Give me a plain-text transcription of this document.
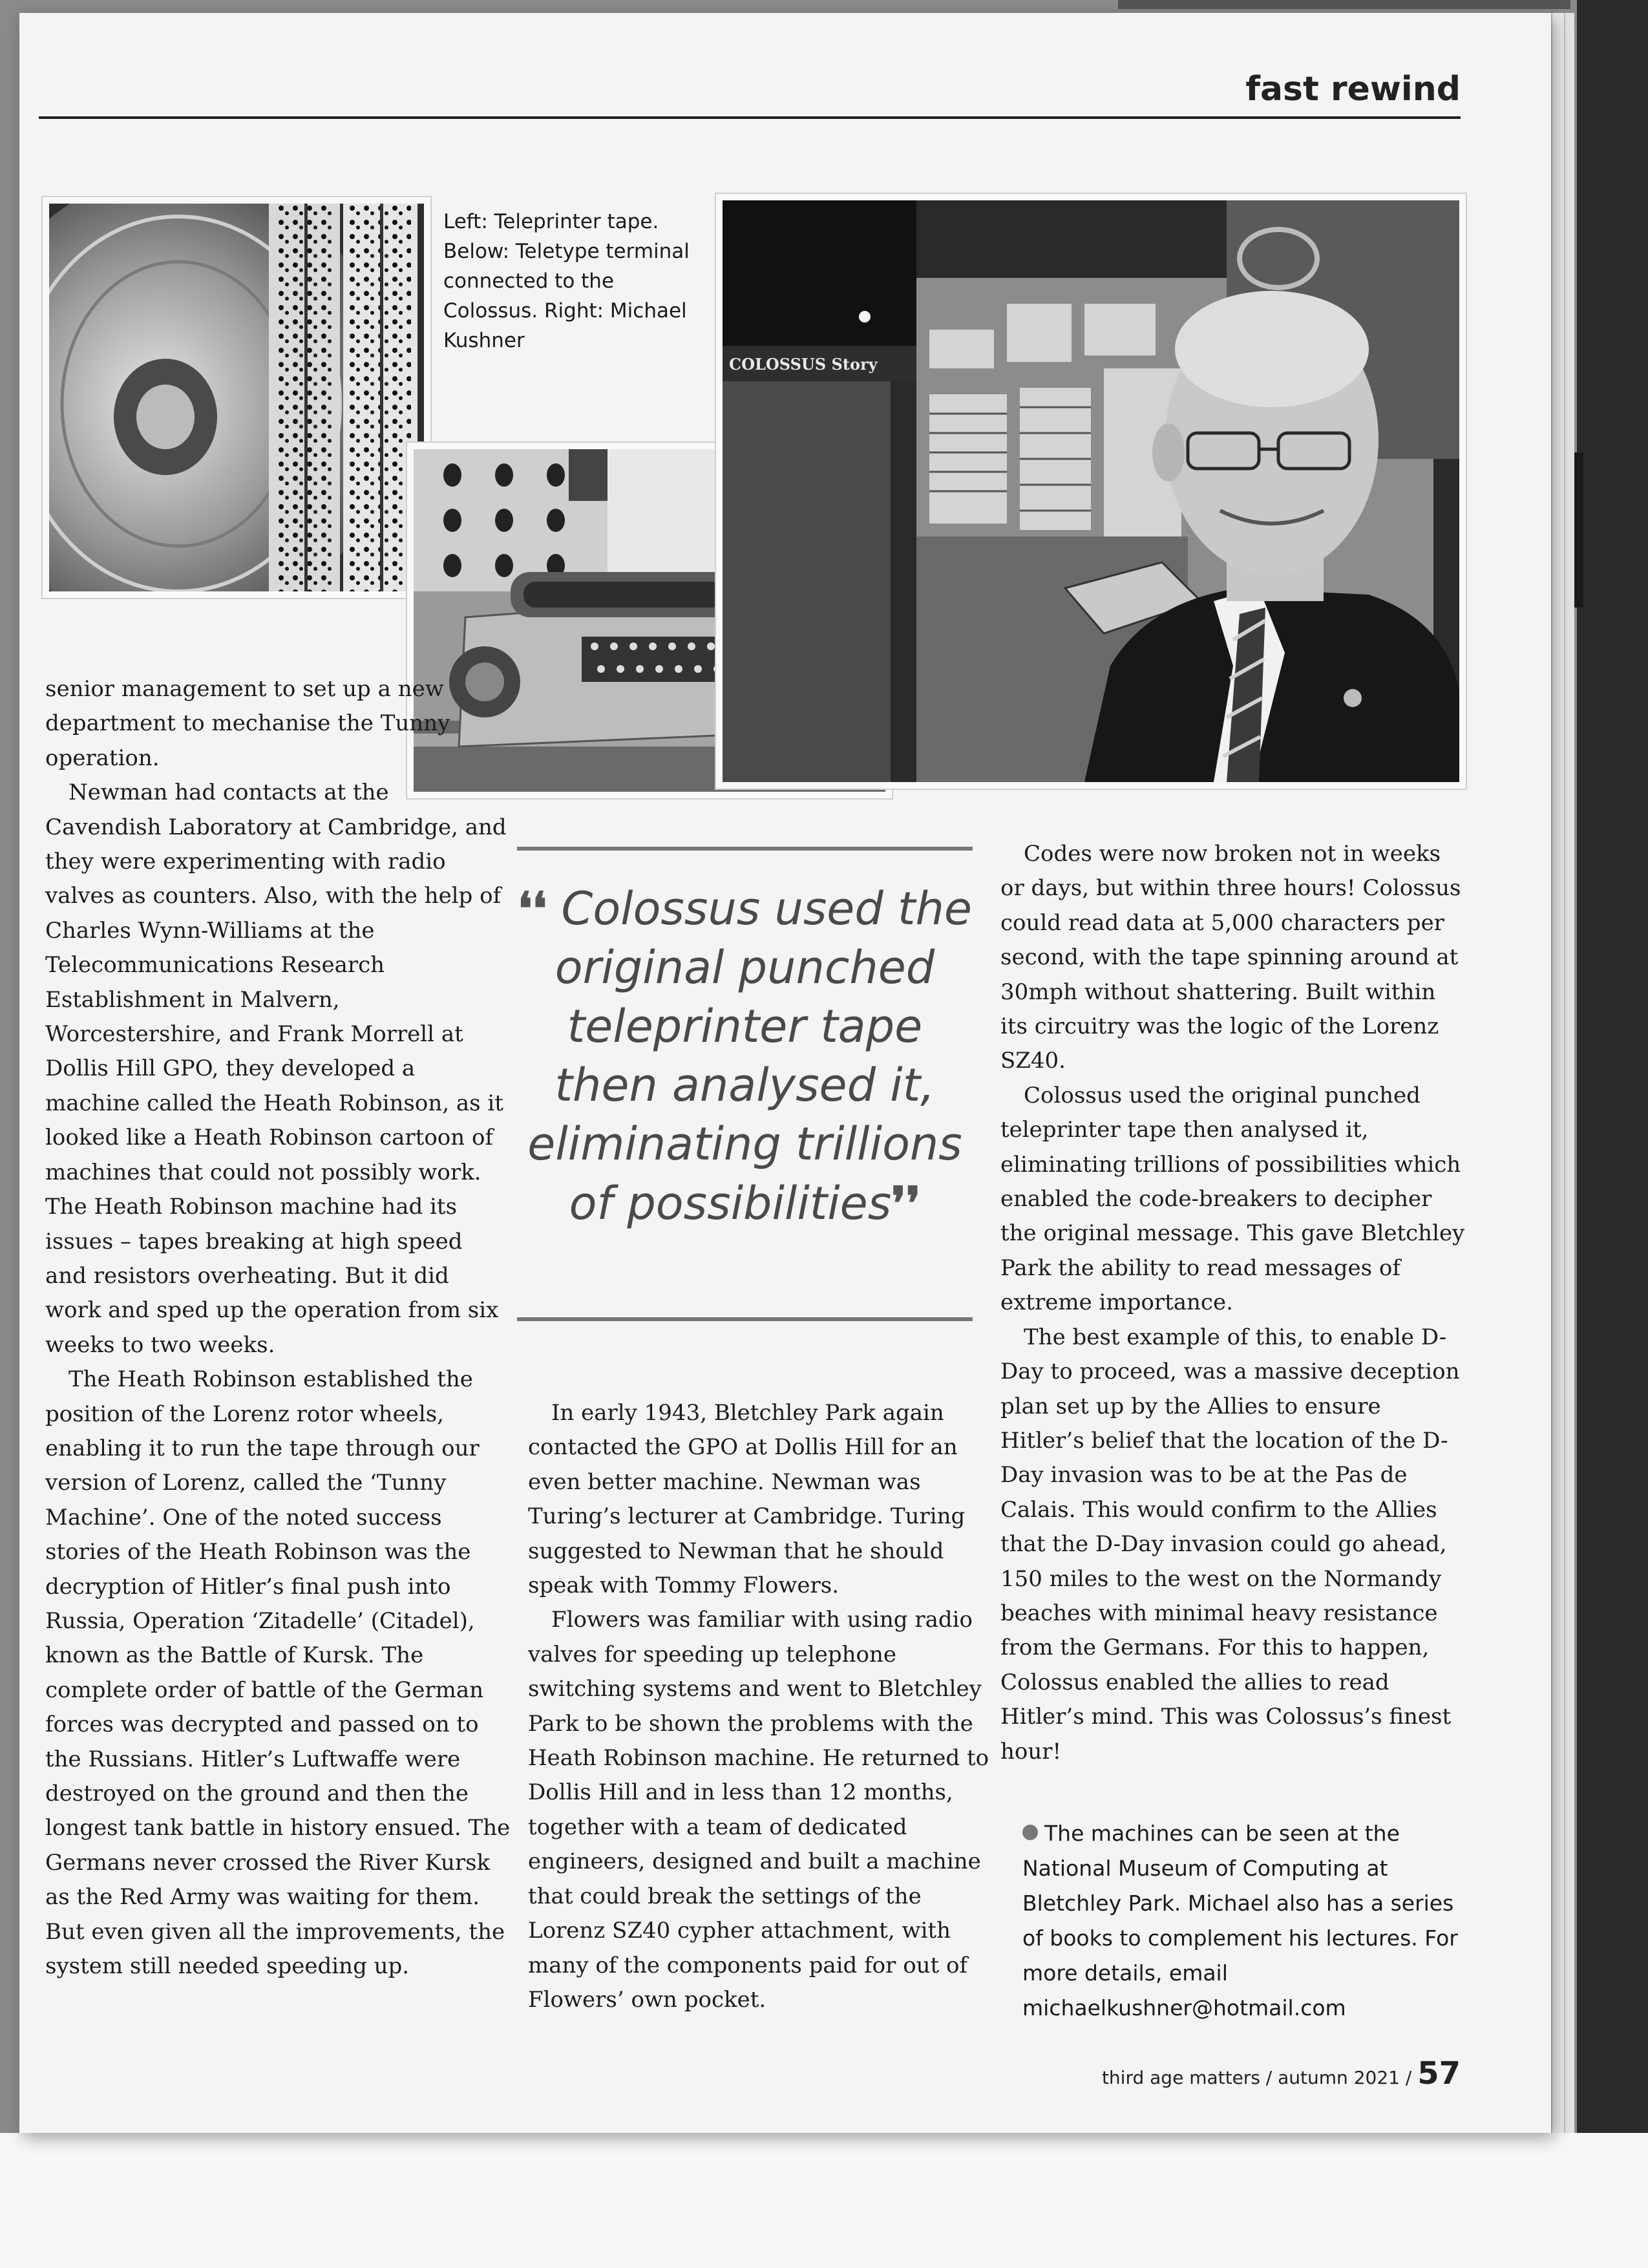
fast rewind
Left: Teleprinter tape. Below: Teletype terminal connected to the Colossus. Right: Michael Kushner
COLOSSUS Story

senior management to set up a new department to mechanise the Tunny operation.

Newman had contacts at the Cavendish Laboratory at Cambridge, and they were experimenting with radio valves as counters. Also, with the help of Charles Wynn-Williams at the Telecommunications Research Establishment in Malvern, Worcestershire, and Frank Morrell at Dollis Hill GPO, they developed a machine called the Heath Robinson, as it looked like a Heath Robinson cartoon of machines that could not possibly work. The Heath Robinson machine had its issues – tapes breaking at high speed and resistors overheating. But it did work and sped up the operation from six weeks to two weeks.

The Heath Robinson established the position of the Lorenz rotor wheels, enabling it to run the tape through our version of Lorenz, called the ‘Tunny Machine’. One of the noted success stories of the Heath Robinson was the decryption of Hitler’s final push into Russia, Operation ‘Zitadelle’ (Citadel), known as the Battle of Kursk. The complete order of battle of the German forces was decrypted and passed on to the Russians. Hitler’s Luftwaffe were destroyed on the ground and then the longest tank battle in history ensued. The Germans never crossed the River Kursk as the Red Army was waiting for them. But even given all the improvements, the system still needed speeding up.

❛❛ Colossus used the original punched teleprinter tape then analysed it, eliminating trillions of possibilities❜❜

In early 1943, Bletchley Park again contacted the GPO at Dollis Hill for an even better machine. Newman was Turing’s lecturer at Cambridge. Turing suggested to Newman that he should speak with Tommy Flowers.

Flowers was familiar with using radio valves for speeding up telephone switching systems and went to Bletchley Park to be shown the problems with the Heath Robinson machine. He returned to Dollis Hill and in less than 12 months, together with a team of dedicated engineers, designed and built a machine that could break the settings of the Lorenz SZ40 cypher attachment, with many of the components paid for out of Flowers’ own pocket.

Codes were now broken not in weeks or days, but within three hours! Colossus could read data at 5,000 characters per second, with the tape spinning around at 30mph without shattering. Built within its circuitry was the logic of the Lorenz SZ40.

Colossus used the original punched teleprinter tape then analysed it, eliminating trillions of possibilities which enabled the code-breakers to decipher the original message. This gave Bletchley Park the ability to read messages of extreme importance.

The best example of this, to enable D-Day to proceed, was a massive deception plan set up by the Allies to ensure Hitler’s belief that the location of the D-Day invasion was to be at the Pas de Calais. This would confirm to the Allies that the D-Day invasion could go ahead, 150 miles to the west on the Normandy beaches with minimal heavy resistance from the Germans. For this to happen, Colossus enabled the allies to read Hitler’s mind. This was Colossus’s finest hour!

The machines can be seen at the National Museum of Computing at Bletchley Park. Michael also has a series of books to complement his lectures. For more details, email michaelkushner@hotmail.com
third age matters / autumn 2021 / 57
